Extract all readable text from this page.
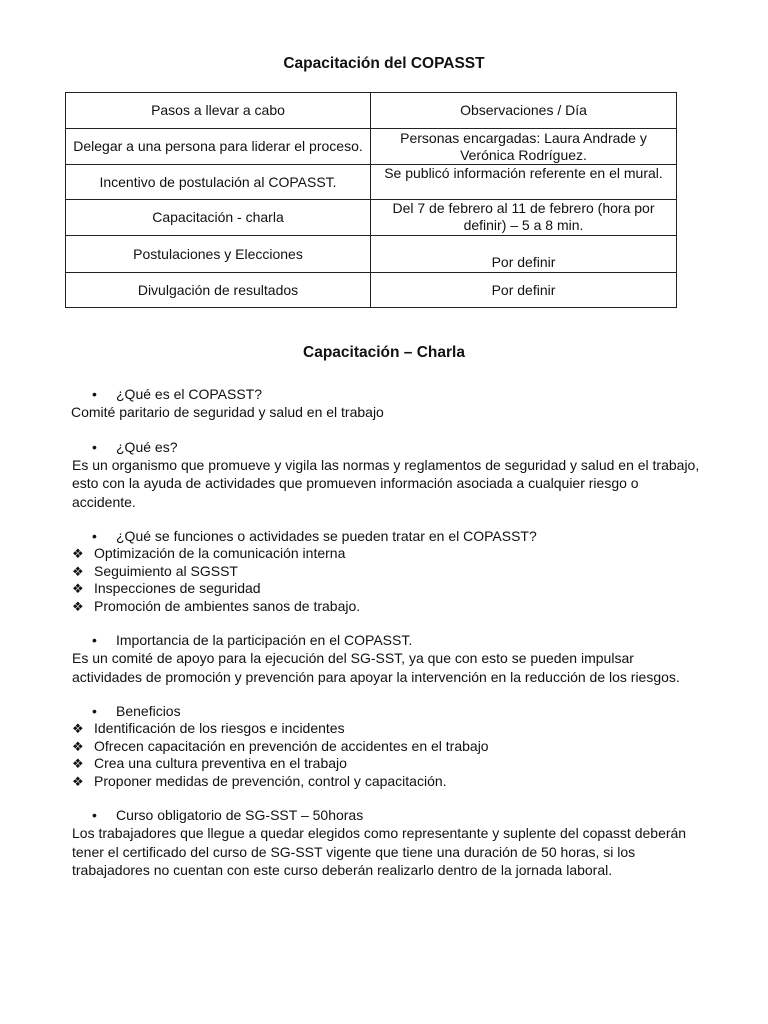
Capacitación del COPASST
Pasos a llevar a cabo	Observaciones / Día
Delegar a una persona para liderar el proceso.	Personas encargadas: Laura Andrade y Verónica Rodríguez.
Incentivo de postulación al COPASST.	Se publicó información referente en el mural.
Capacitación - charla	Del 7 de febrero al 11 de febrero (hora por definir) – 5 a 8 min.
Postulaciones y Elecciones	Por definir
Divulgación de resultados	Por definir
Capacitación – Charla
• ¿Qué es el COPASST?
Comité paritario de seguridad y salud en el trabajo
• ¿Qué es?
Es un organismo que promueve y vigila las normas y reglamentos de seguridad y salud en el trabajo, esto con la ayuda de actividades que promueven información asociada a cualquier riesgo o accidente.
• ¿Qué se funciones o actividades se pueden tratar en el COPASST?
❖ Optimización de la comunicación interna
❖ Seguimiento al SGSST
❖ Inspecciones de seguridad
❖ Promoción de ambientes sanos de trabajo.
• Importancia de la participación en el COPASST.
Es un comité de apoyo para la ejecución del SG-SST, ya que con esto se pueden impulsar actividades de promoción y prevención para apoyar la intervención en la reducción de los riesgos.
• Beneficios
❖ Identificación de los riesgos e incidentes
❖ Ofrecen capacitación en prevención de accidentes en el trabajo
❖ Crea una cultura preventiva en el trabajo
❖ Proponer medidas de prevención, control y capacitación.
• Curso obligatorio de SG-SST – 50horas
Los trabajadores que llegue a quedar elegidos como representante y suplente del copasst deberán tener el certificado del curso de SG-SST vigente que tiene una duración de 50 horas, si los trabajadores no cuentan con este curso deberán realizarlo dentro de la jornada laboral.
